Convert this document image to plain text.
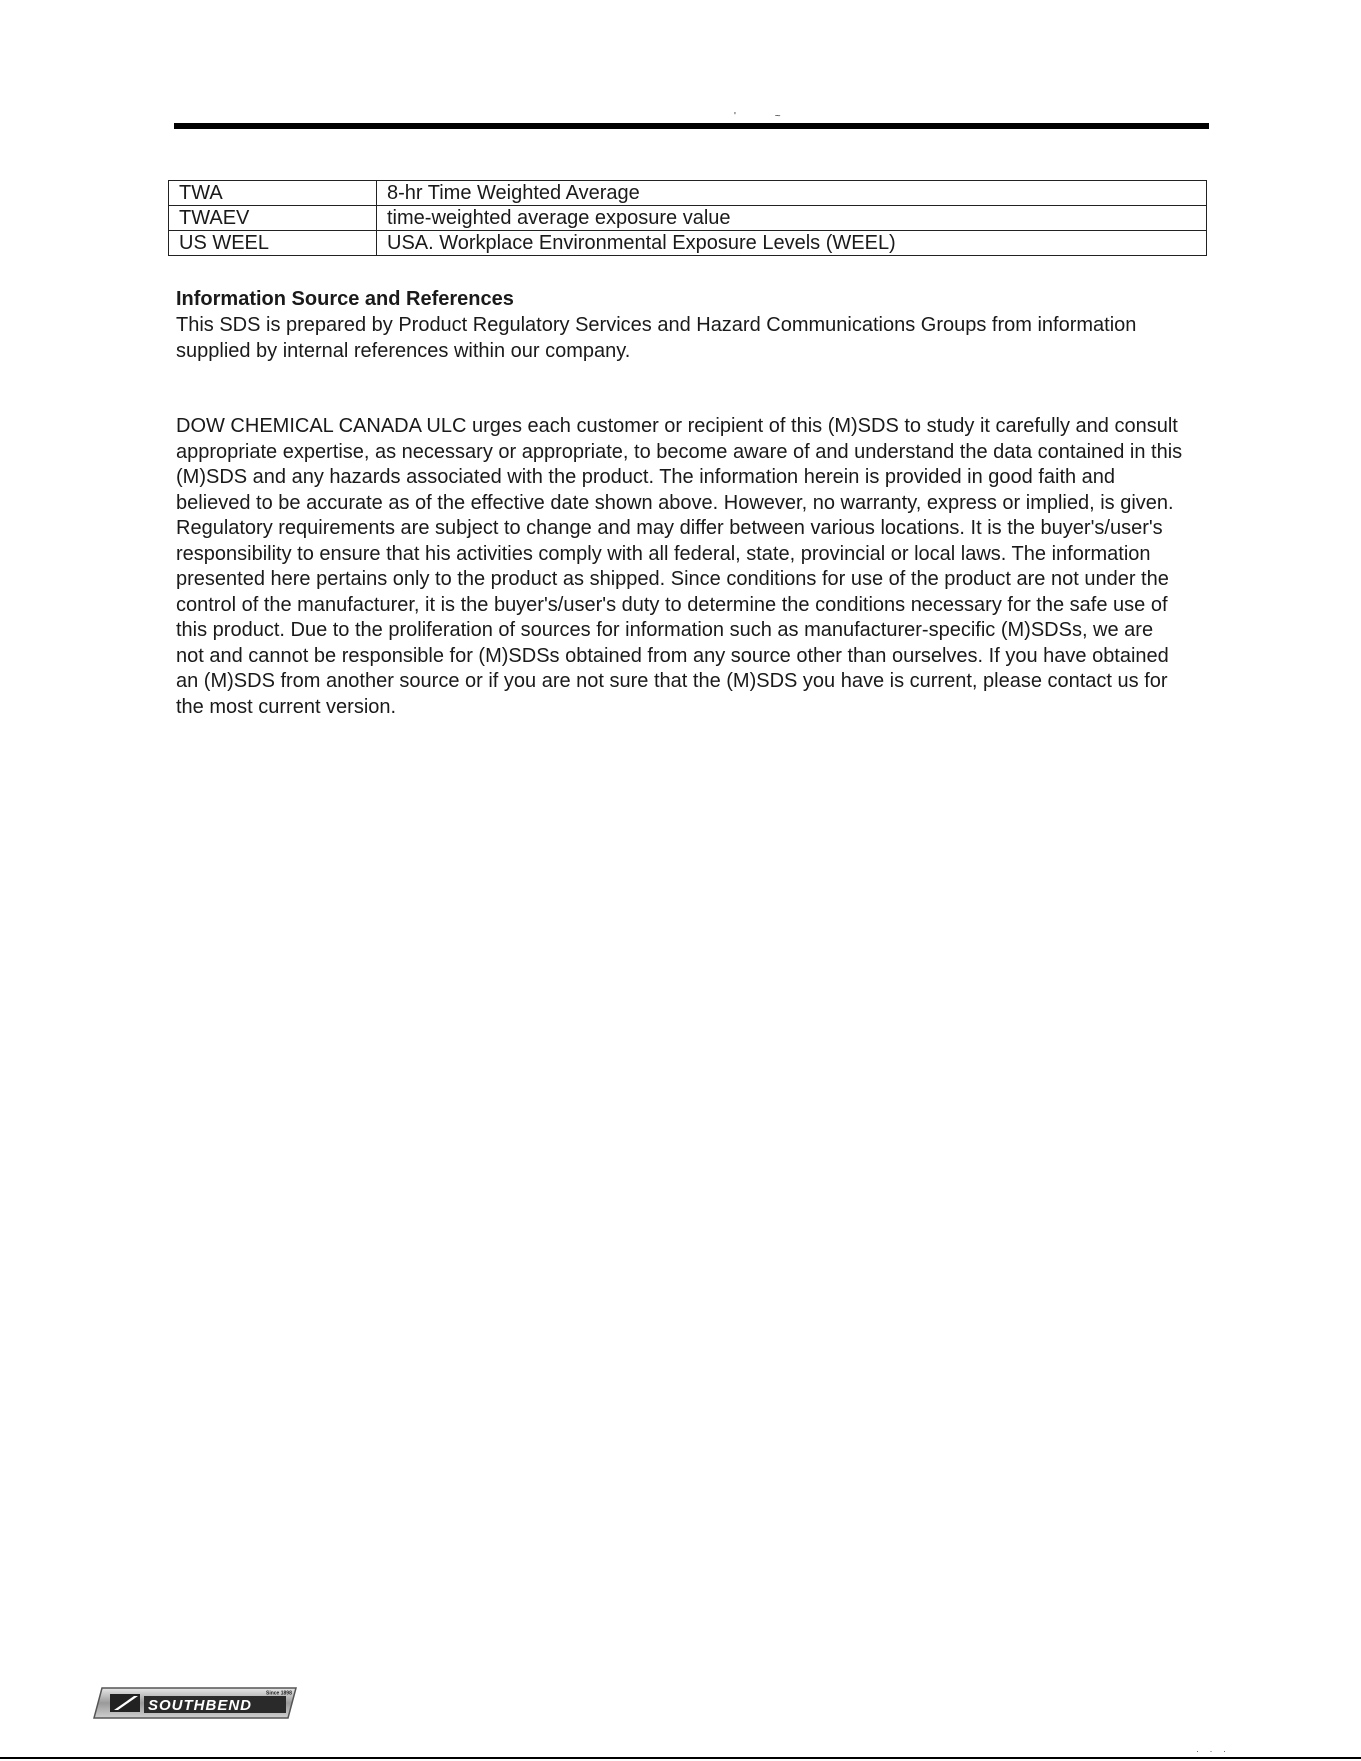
' ~
TWA	8-hr Time Weighted Average
TWAEV	time-weighted average exposure value
US WEEL	USA. Workplace Environmental Exposure Levels (WEEL)
Information Source and References

This SDS is prepared by Product Regulatory Services and Hazard Communications Groups from information supplied by internal references within our company.

DOW CHEMICAL CANADA ULC urges each customer or recipient of this (M)SDS to study it carefully and consult appropriate expertise, as necessary or appropriate, to become aware of and understand the data contained in this (M)SDS and any hazards associated with the product. The information herein is provided in good faith and believed to be accurate as of the effective date shown above. However, no warranty, express or implied, is given. Regulatory requirements are subject to change and may differ between various locations. It is the buyer's/user's responsibility to ensure that his activities comply with all federal, state, provincial or local laws. The information presented here pertains only to the product as shipped. Since conditions for use of the product are not under the control of the manufacturer, it is the buyer's/user's duty to determine the conditions necessary for the safe use of this product. Due to the proliferation of sources for information such as manufacturer-specific (M)SDSs, we are not and cannot be responsible for (M)SDSs obtained from any source other than ourselves. If you have obtained an (M)SDS from another source or if you are not sure that the (M)SDS you have is current, please contact us for the most current version.

Since 1898
SOUTHBEND
· · ·
